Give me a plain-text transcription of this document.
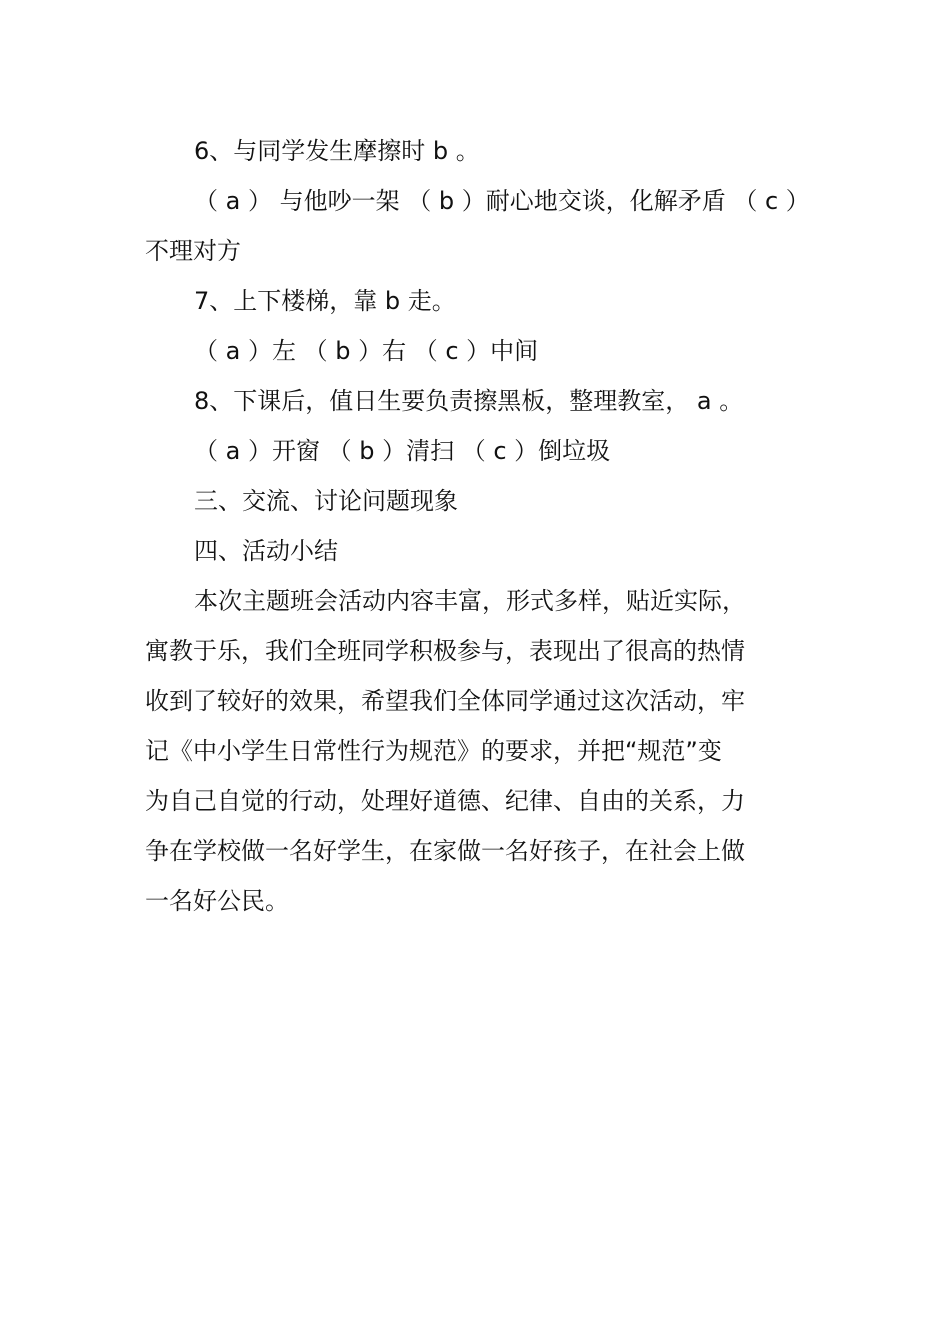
6、与同学发生摩擦时 b 。
（ a ） 与他吵一架 （ b ）耐心地交谈，化解矛盾 （ c ）
不理对方
7、上下楼梯，靠 b 走。
（ a ）左 （ b ）右 （ c ）中间
8、下课后，值日生要负责擦黑板，整理教室， a 。
（ a ）开窗 （ b ）清扫 （ c ）倒垃圾
三、交流、讨论问题现象
四、活动小结
本次主题班会活动内容丰富，形式多样，贴近实际，
寓教于乐，我们全班同学积极参与，表现出了很高的热情
收到了较好的效果，希望我们全体同学通过这次活动，牢
记《中小学生日常性行为规范》的要求，并把“规范”变
为自己自觉的行动，处理好道德、纪律、自由的关系，力
争在学校做一名好学生，在家做一名好孩子，在社会上做
一名好公民。
